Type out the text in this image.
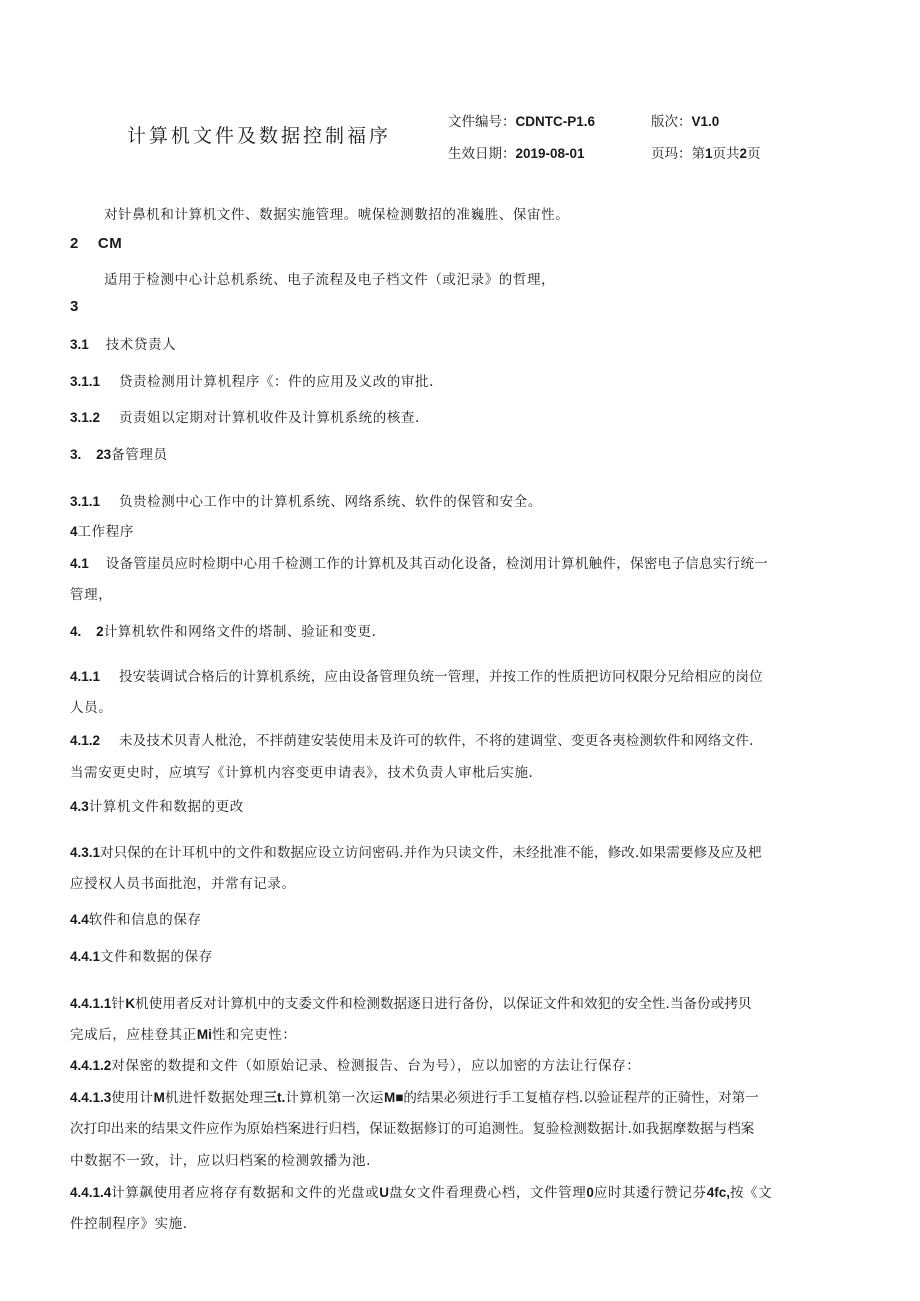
计算机文件及数据控制福序
文件编号：CDNTC-P1.6	版次：V1.0
生效日期：2019-08-01	页玛：第1页共2页
对针鼻机和计算机文件、数据实施管理。唬保检测數招的准巍胜、保宙性。
2 CM
适用于检测中心计总机系统、电子流程及电子档文件（或汜录》的哲理，
3
3.1 技术贷责人
3.1.1 贷责检测用计算机程序《：件的应用及义改的审批.
3.1.2 贡责姐以定期对计算机收件及计算机系统的核查.
3. 23备管理员
3.1.1 负贵检测中心工作中的计算机系统、网络系统、软件的保管和安全。
4工作程序
4.1 设备管崖员应时检期中心用千检测工作的计算机及其百动化设备，检浏用计算机触件，保密电子信息实行统一
管理，
4. 2计算机软件和网络文件的塔制、验证和变更.
4.1.1 投安装调试合格后的计算机系统，应由设备管理负统一管理，并按工作的性质把访冋权限分兄给相应的岗位
人员。
4.1.2 未及技术贝青人枇沧，不拌荫建安装使用未及许可的软件，不将的建调堂、变更各夷检测软件和网络文件.
当需安更史时，应填写《计算机内容变更申请表》，技术负责人审枇后实施.
4.3计算机文件和数据的更改
4.3.1对只保的在计耳机中的文件和数据应设立访问密码.并作为只读文件，未经批准不能，修改.如果需要修及应及杷
应授权人员书面批泡，并常有记录。
4.4软件和信息的保存
4.4.1文件和数据的保存
4.4.1.1针K机使用者反对计算机中的支委文件和检测数据逐日进行备份，以保证文件和效犯的安全性.当备份或拷贝
完成后，应桂登其正Mi性和完吏性：
4.4.1.2对保密的数提和文件（如原始记录、检测报告、台为号），应以加密的方法让行保存：
4.4.1.3使用计M机进忏数据处理三t.计算机第一次运M■的结果必须进行手工复植存档.以验证程芹的正骑性，对第一
次打印出来的结果文件应作为原始档案进行归档，保证数据修订的可追测性。复验检测数据计.如我据摩数据与档案
中数据不一致，计，应以归档案的检测敦播为池.
4.4.1.4计算飙使用者应将存有数据和文件的光盘或U盘女文件看理费心档，文件管理0应时其逶行赞记芬4fc,按《文
件控制程序》实施.
